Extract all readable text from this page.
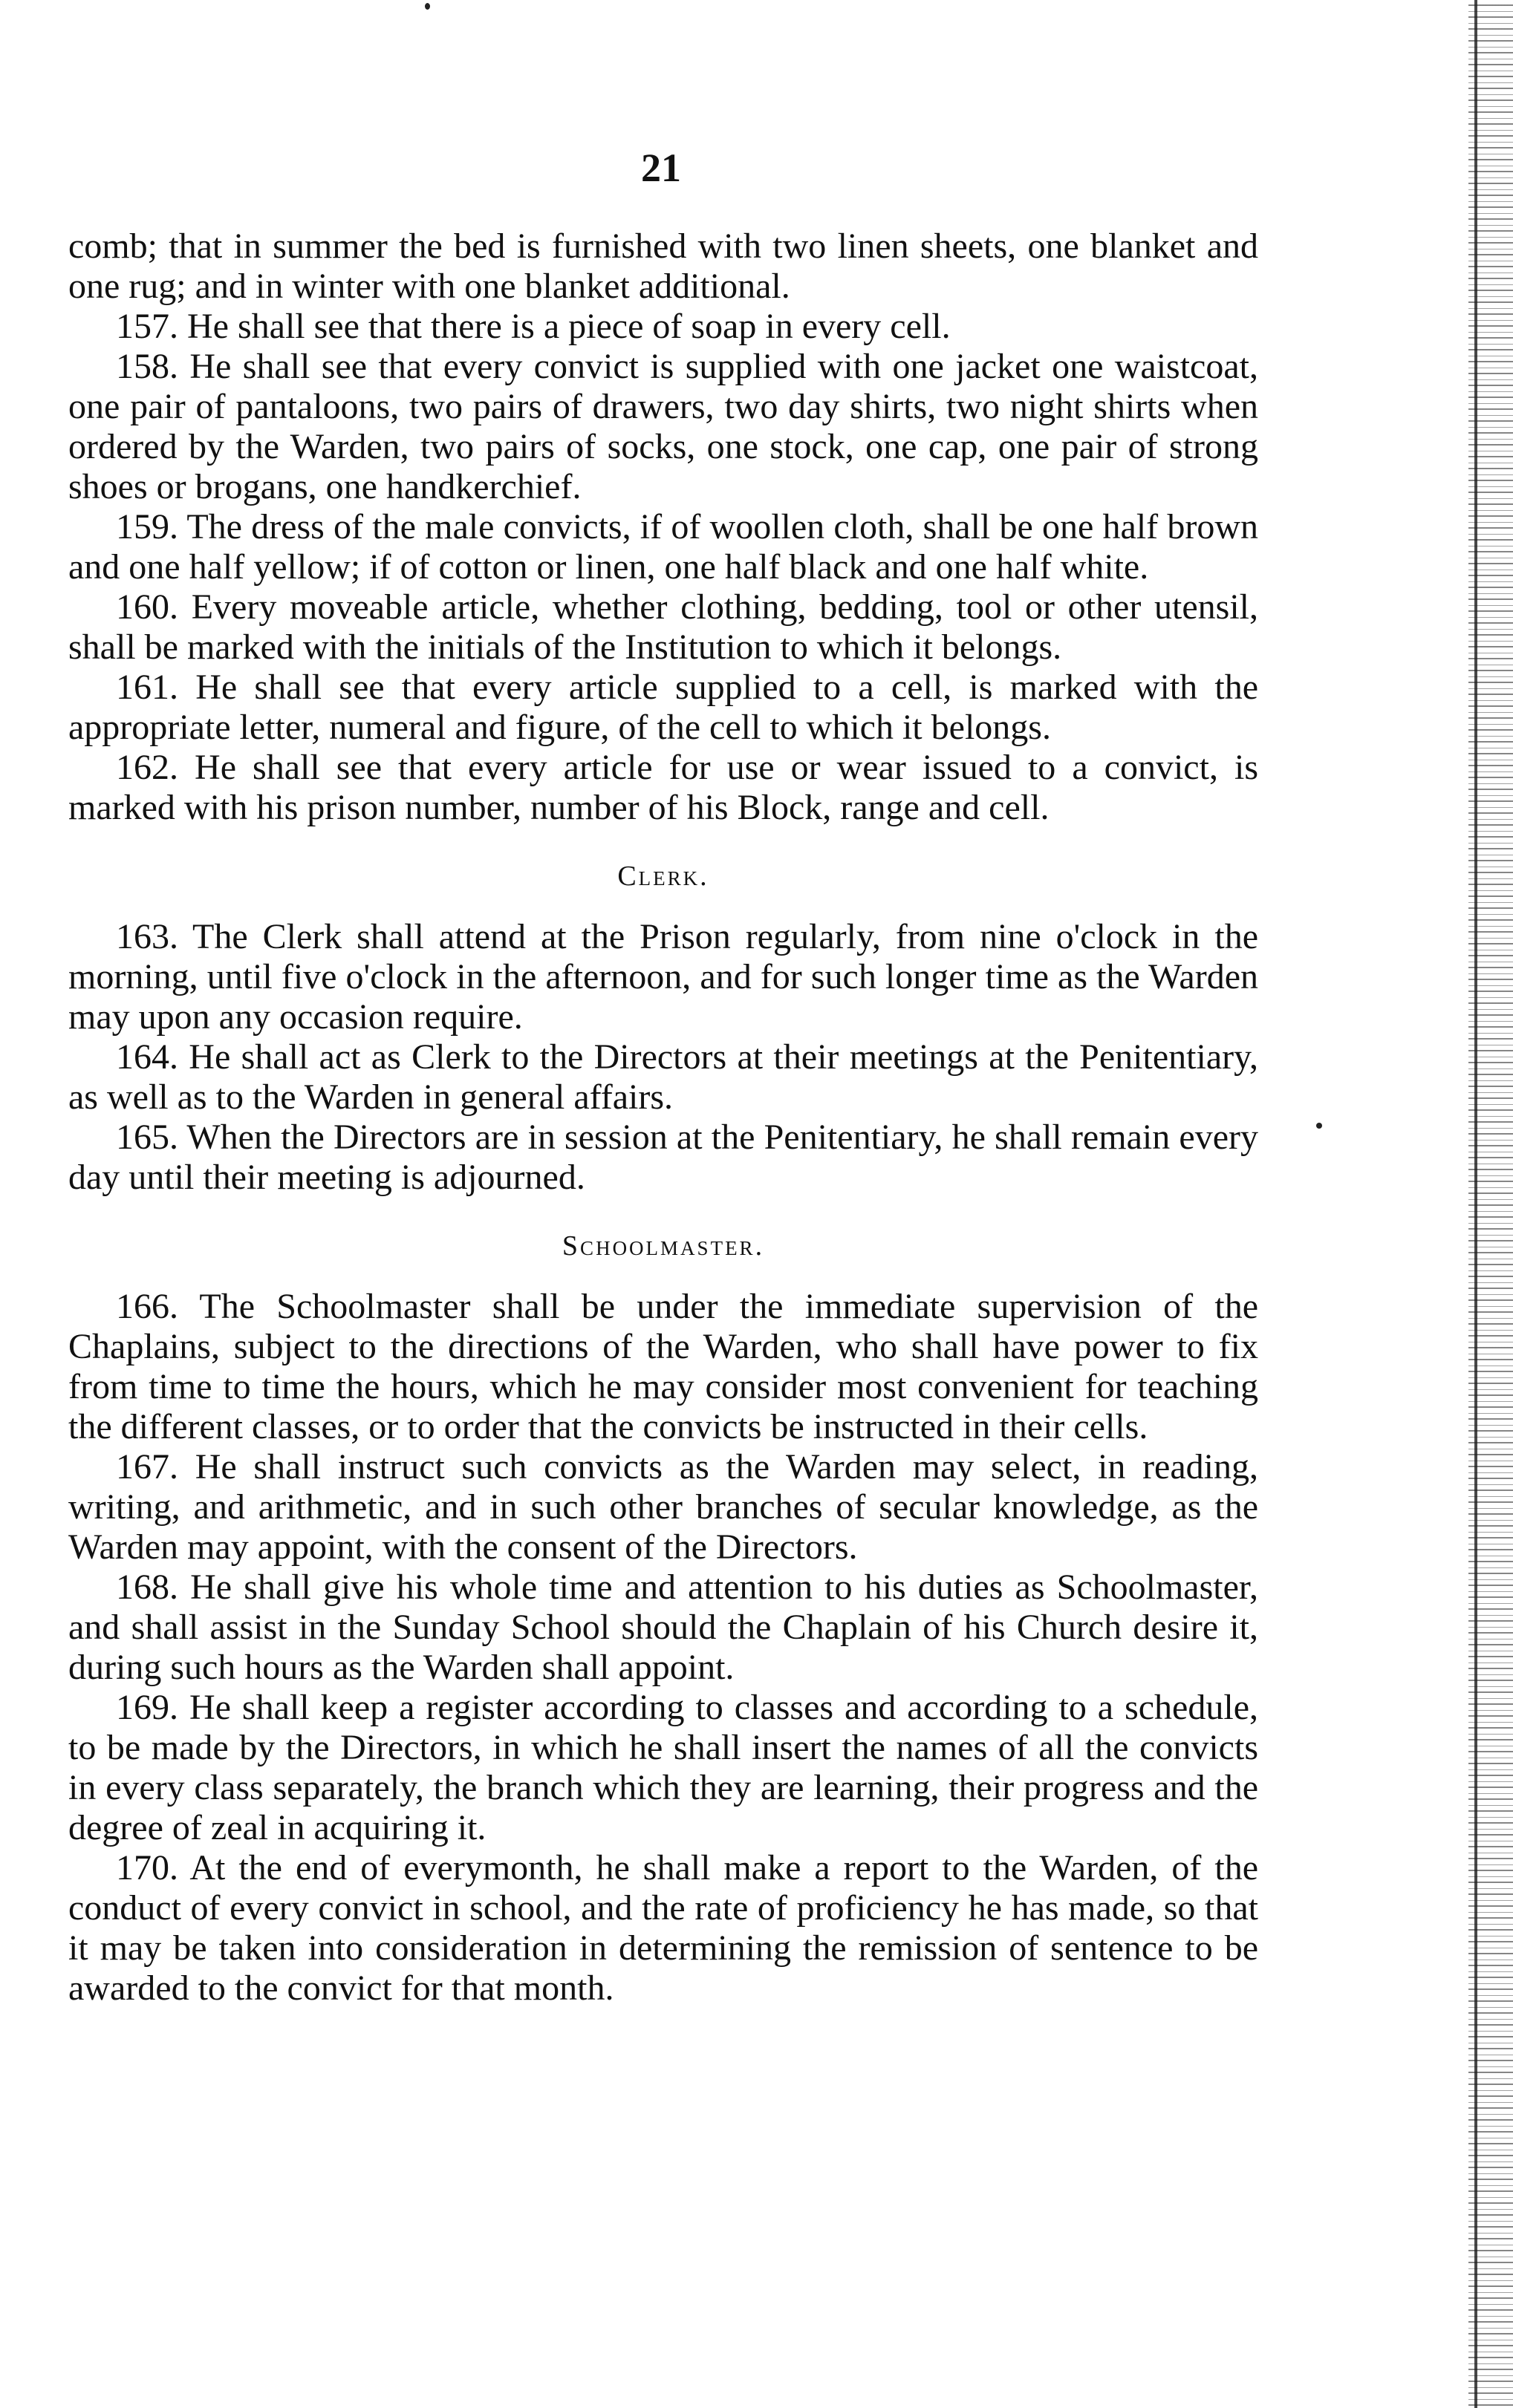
21

comb; that in summer the bed is furnished with two linen sheets, one blanket and one rug; and in winter with one blanket additional.

157. He shall see that there is a piece of soap in every cell.

158. He shall see that every convict is supplied with one jacket one waistcoat, one pair of pantaloons, two pairs of drawers, two day shirts, two night shirts when ordered by the Warden, two pairs of socks, one stock, one cap, one pair of strong shoes or brogans, one handkerchief.

159. The dress of the male convicts, if of woollen cloth, shall be one half brown and one half yellow; if of cotton or linen, one half black and one half white.

160. Every moveable article, whether clothing, bedding, tool or other utensil, shall be marked with the initials of the Institution to which it belongs.

161. He shall see that every article supplied to a cell, is marked with the appropriate letter, numeral and figure, of the cell to which it belongs.

162. He shall see that every article for use or wear issued to a convict, is marked with his prison number, number of his Block, range and cell.

Clerk.

163. The Clerk shall attend at the Prison regularly, from nine o'clock in the morning, until five o'clock in the afternoon, and for such longer time as the Warden may upon any occasion require.

164. He shall act as Clerk to the Directors at their meetings at the Penitentiary, as well as to the Warden in general affairs.

165. When the Directors are in session at the Penitentiary, he shall remain every day until their meeting is adjourned.

Schoolmaster.

166. The Schoolmaster shall be under the immediate supervision of the Chaplains, subject to the directions of the Warden, who shall have power to fix from time to time the hours, which he may consider most convenient for teaching the different classes, or to order that the convicts be instructed in their cells.

167. He shall instruct such convicts as the Warden may select, in reading, writing, and arithmetic, and in such other branches of secular knowledge, as the Warden may appoint, with the consent of the Directors.

168. He shall give his whole time and attention to his duties as Schoolmaster, and shall assist in the Sunday School should the Chaplain of his Church desire it, during such hours as the Warden shall appoint.

169. He shall keep a register according to classes and according to a schedule, to be made by the Directors, in which he shall insert the names of all the convicts in every class separately, the branch which they are learning, their progress and the degree of zeal in acquiring it.

170. At the end of everymonth, he shall make a report to the Warden, of the conduct of every convict in school, and the rate of proficiency he has made, so that it may be taken into consideration in determining the remission of sentence to be awarded to the convict for that month.
